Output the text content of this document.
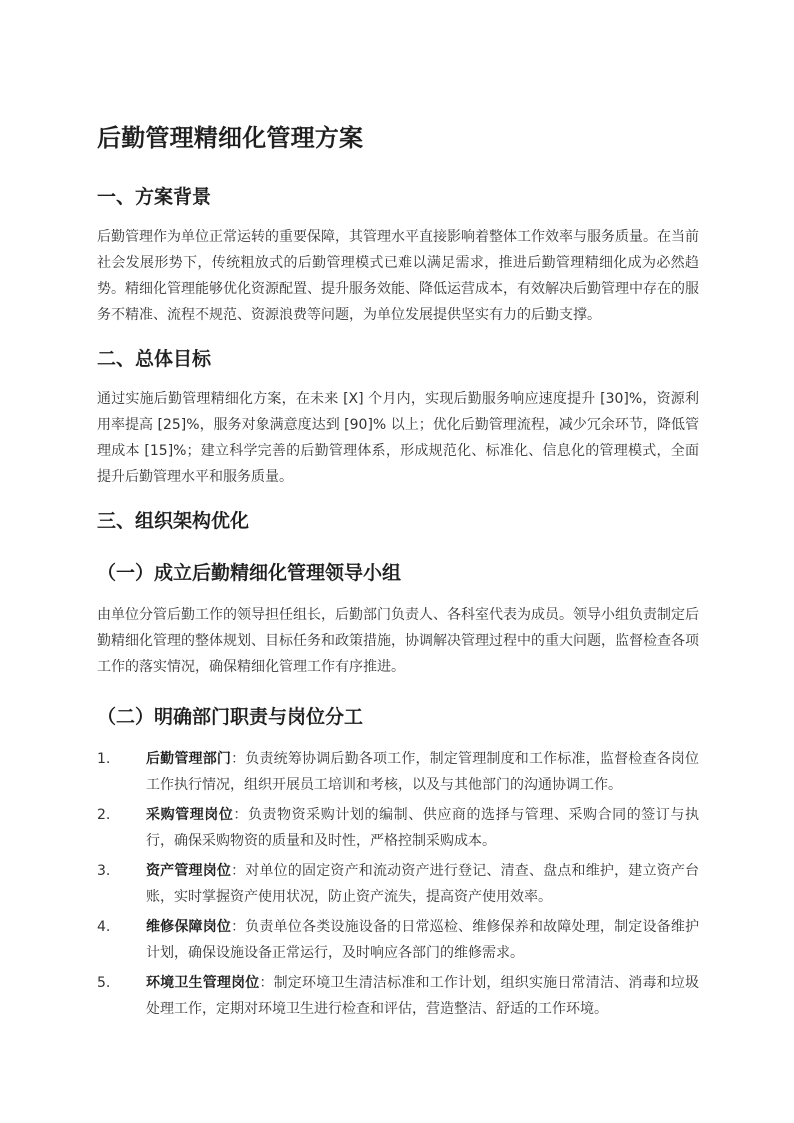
后勤管理精细化管理方案
一、方案背景

后勤管理作为单位正常运转的重要保障，其管理水平直接影响着整体工作效率与服务质量。在当前社会发展形势下，传统粗放式的后勤管理模式已难以满足需求，推进后勤管理精细化成为必然趋势。精细化管理能够优化资源配置、提升服务效能、降低运营成本，有效解决后勤管理中存在的服务不精准、流程不规范、资源浪费等问题，为单位发展提供坚实有力的后勤支撑。

二、总体目标

通过实施后勤管理精细化方案，在未来 [X] 个月内，实现后勤服务响应速度提升 [30]%，资源利用率提高 [25]%，服务对象满意度达到 [90]% 以上；优化后勤管理流程，减少冗余环节，降低管理成本 [15]%；建立科学完善的后勤管理体系，形成规范化、标准化、信息化的管理模式，全面提升后勤管理水平和服务质量。

三、组织架构优化
（一）成立后勤精细化管理领导小组

由单位分管后勤工作的领导担任组长，后勤部门负责人、各科室代表为成员。领导小组负责制定后勤精细化管理的整体规划、目标任务和政策措施，协调解决管理过程中的重大问题，监督检查各项工作的落实情况，确保精细化管理工作有序推进。

（二）明确部门职责与岗位分工
1.	后勤管理部门：负责统筹协调后勤各项工作，制定管理制度和工作标准，监督检查各岗位工作执行情况，组织开展员工培训和考核，以及与其他部门的沟通协调工作。
2.	采购管理岗位：负责物资采购计划的编制、供应商的选择与管理、采购合同的签订与执行，确保采购物资的质量和及时性，严格控制采购成本。
3.	资产管理岗位：对单位的固定资产和流动资产进行登记、清查、盘点和维护，建立资产台账，实时掌握资产使用状况，防止资产流失，提高资产使用效率。
4.	维修保障岗位：负责单位各类设施设备的日常巡检、维修保养和故障处理，制定设备维护计划，确保设施设备正常运行，及时响应各部门的维修需求。
5.	环境卫生管理岗位：制定环境卫生清洁标准和工作计划，组织实施日常清洁、消毒和垃圾处理工作，定期对环境卫生进行检查和评估，营造整洁、舒适的工作环境。
